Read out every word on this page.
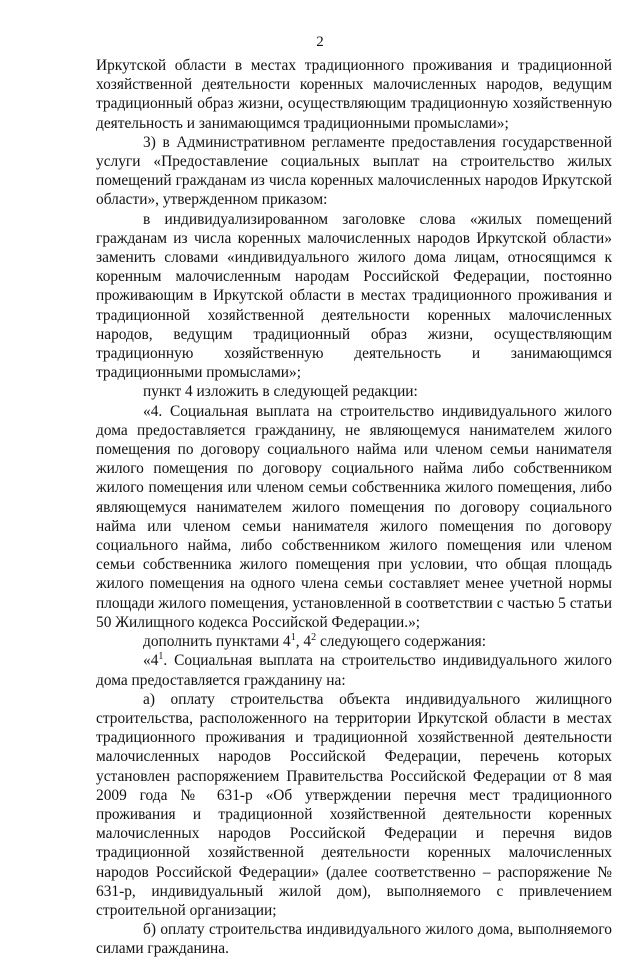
2

Иркутской области в местах традиционного проживания и традиционной хозяйственной деятельности коренных малочисленных народов, ведущим традиционный образ жизни, осуществляющим традиционную хозяйственную деятельность и занимающимся традиционными промыслами»;

3) в Административном регламенте предоставления государственной услуги «Предоставление социальных выплат на строительство жилых помещений гражданам из числа коренных малочисленных народов Иркутской области», утвержденном приказом:

в индивидуализированном заголовке слова «жилых помещений гражданам из числа коренных малочисленных народов Иркутской области» заменить словами «индивидуального жилого дома лицам, относящимся к коренным малочисленным народам Российской Федерации, постоянно проживающим в Иркутской области в местах традиционного проживания и традиционной хозяйственной деятельности коренных малочисленных народов, ведущим традиционный образ жизни, осуществляющим традиционную хозяйственную деятельность и занимающимся традиционными промыслами»;

пункт 4 изложить в следующей редакции:

«4. Социальная выплата на строительство индивидуального жилого дома предоставляется гражданину, не являющемуся нанимателем жилого помещения по договору социального найма или членом семьи нанимателя жилого помещения по договору социального найма либо собственником жилого помещения или членом семьи собственника жилого помещения, либо являющемуся нанимателем жилого помещения по договору социального найма или членом семьи нанимателя жилого помещения по договору социального найма, либо собственником жилого помещения или членом семьи собственника жилого помещения при условии, что общая площадь жилого помещения на одного члена семьи составляет менее учетной нормы площади жилого помещения, установленной в соответствии с частью 5 статьи 50 Жилищного кодекса Российской Федерации.»;

дополнить пунктами $4^1$, $4^2$ следующего содержания:

«$4^1$. Социальная выплата на строительство индивидуального жилого дома предоставляется гражданину на:

а) оплату строительства объекта индивидуального жилищного строительства, расположенного на территории Иркутской области в местах традиционного проживания и традиционной хозяйственной деятельности малочисленных народов Российской Федерации, перечень которых установлен распоряжением Правительства Российской Федерации от 8 мая 2009 года № 631-р «Об утверждении перечня мест традиционного проживания и традиционной хозяйственной деятельности коренных малочисленных народов Российской Федерации и перечня видов традиционной хозяйственной деятельности коренных малочисленных народов Российской Федерации» (далее соответственно – распоряжение № 631-р, индивидуальный жилой дом), выполняемого с привлечением строительной организации;

б) оплату строительства индивидуального жилого дома, выполняемого силами гражданина.
